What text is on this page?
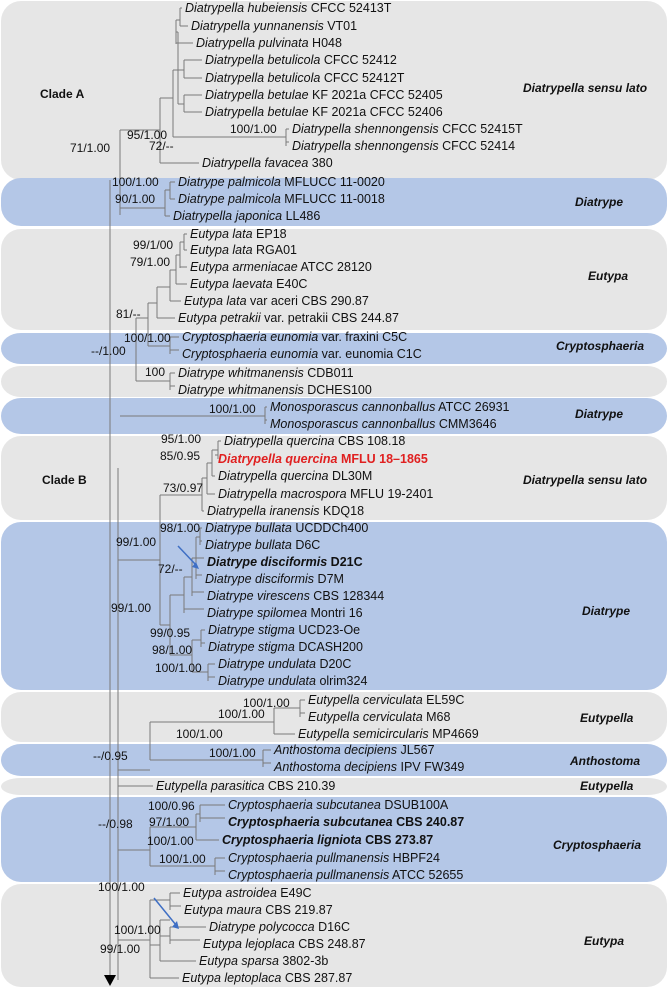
Diatrypella hubeiensis CFCC 52413T
Diatrypella yunnanensis VT01
Diatrypella pulvinata H048
Diatrypella betulicola CFCC 52412
Diatrypella betulicola CFCC 52412T
Diatrypella betulae KF 2021a CFCC 52405
Diatrypella betulae KF 2021a CFCC 52406
Diatrypella shennongensis CFCC 52415T
Diatrypella shennongensis CFCC 52414
Diatrypella favacea 380
Diatrype palmicola MFLUCC 11-0020
Diatrype palmicola MFLUCC 11-0018
Diatrypella japonica LL486
Eutypa lata EP18
Eutypa lata RGA01
Eutypa armeniacae ATCC 28120
Eutypa laevata E40C
Eutypa lata var aceri CBS 290.87
Eutypa petrakii var. petrakii CBS 244.87
Cryptosphaeria eunomia var. fraxini C5C
Cryptosphaeria eunomia var. eunomia C1C
Diatrype whitmanensis CDB011
Diatrype whitmanensis DCHES100
Monosporascus cannonballus ATCC 26931
Monosporascus cannonballus CMM3646
Diatrypella quercina CBS 108.18
Diatrypella quercina MFLU 18–1865
Diatrypella quercina DL30M
Diatrypella macrospora MFLU 19-2401
Diatrypella iranensis KDQ18
Diatrype bullata UCDDCh400
Diatrype bullata D6C
Diatrype disciformis D21C
Diatrype disciformis D7M
Diatrype virescens CBS 128344
Diatrype spilomea Montri 16
Diatrype stigma UCD23-Oe
Diatrype stigma DCASH200
Diatrype undulata D20C
Diatrype undulata olrim324
Eutypella cerviculata EL59C
Eutypella cerviculata M68
Eutypella semicircularis MP4669
Anthostoma decipiens JL567
Anthostoma decipiens IPV FW349
Eutypella parasitica CBS 210.39
Cryptosphaeria subcutanea DSUB100A
Cryptosphaeria subcutanea CBS 240.87
Cryptosphaeria ligniota CBS 273.87
Cryptosphaeria pullmanensis HBPF24
Cryptosphaeria pullmanensis ATCC 52655
Eutypa astroidea E49C
Eutypa maura CBS 219.87
Diatrype polycocca D16C
Eutypa lejoplaca CBS 248.87
Eutypa sparsa 3802-3b
Eutypa leptoplaca CBS 287.87
95/1.00
72/--
100/1.00
71/1.00
100/1.00
90/1.00
99/1/00
79/1.00
81/--
100/1.00
--/1.00
100
100/1.00
95/1.00
85/0.95
73/0.97
98/1.00
99/1.00
72/--
99/1.00
99/0.95
98/1.00
100/1.00
100/1.00
100/1.00
100/1.00
100/1.00
--/0.95
100/0.96
97/1.00
100/1.00
100/1.00
--/0.98
100/1.00
100/1.00
99/1.00
Diatrypella sensu lato
Diatrype
Eutypa
Cryptosphaeria
Diatrype
Diatrypella sensu lato
Diatrype
Eutypella
Anthostoma
Eutypella
Cryptosphaeria
Eutypa
Clade A
Clade B
